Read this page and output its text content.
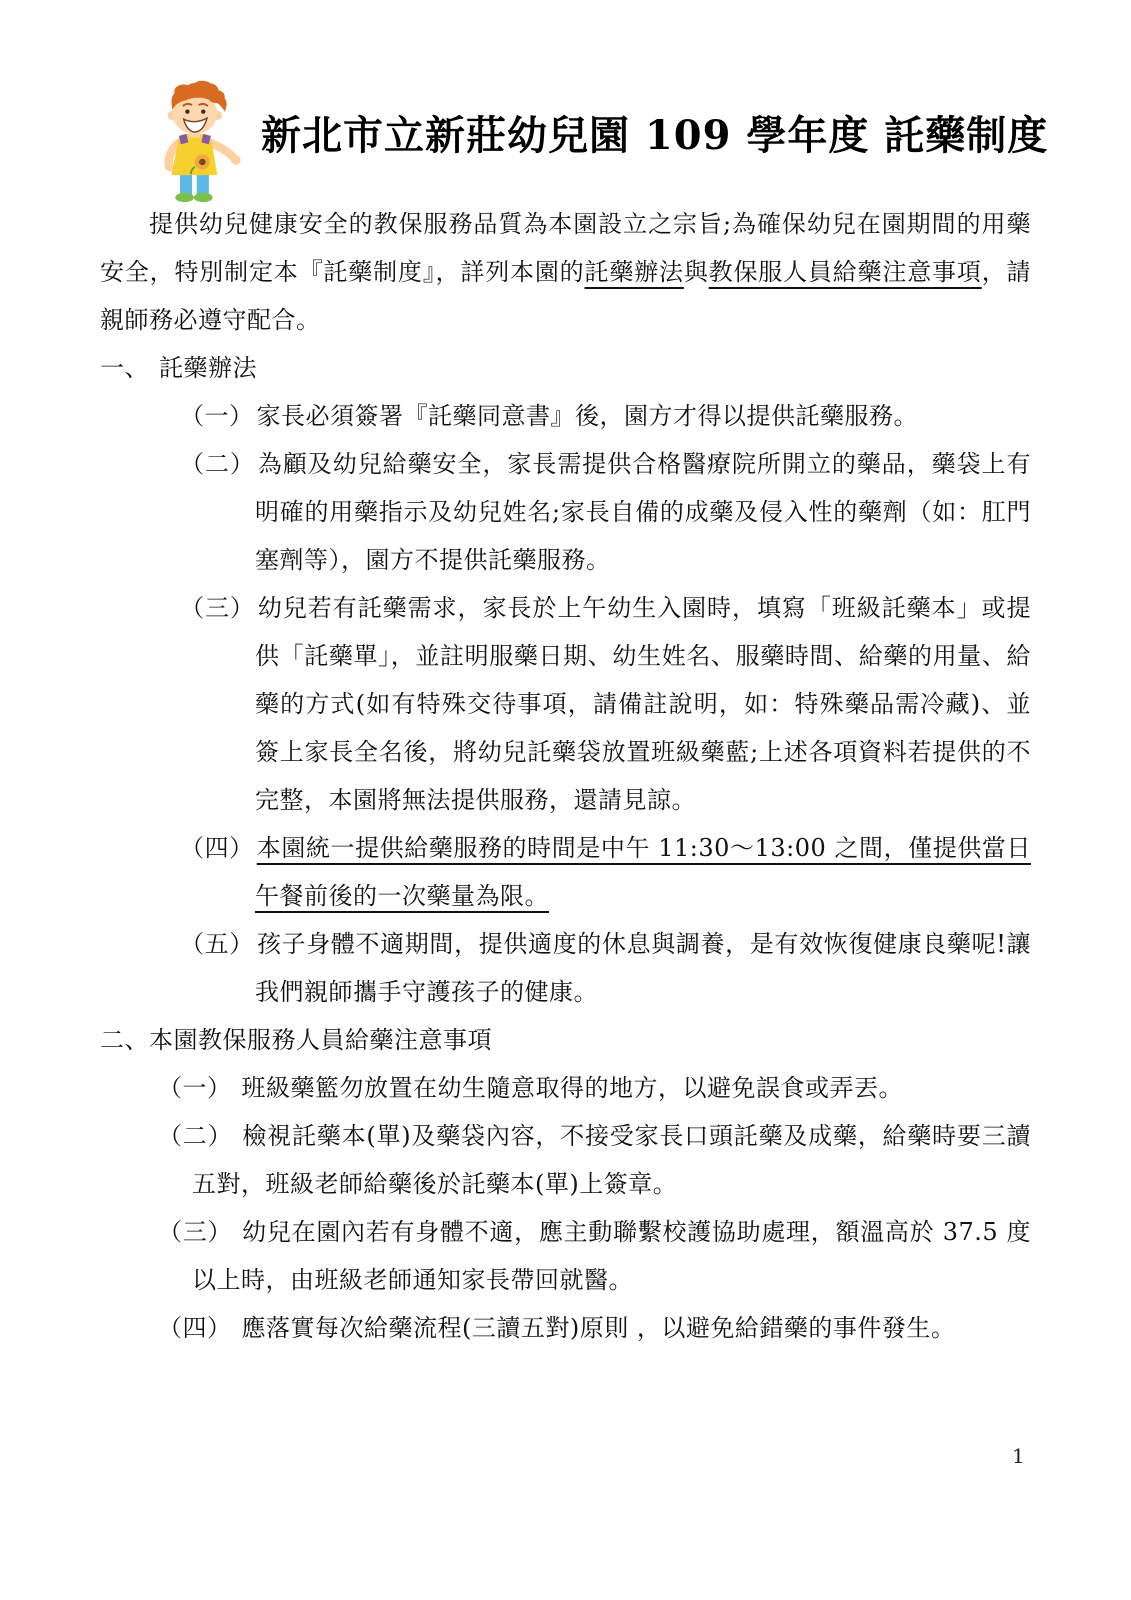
新北市立新莊幼兒園 109 學年度 託藥制度

提供幼兒健康安全的教保服務品質為本園設立之宗旨;為確保幼兒在園期間的用藥安全，特別制定本『託藥制度』，詳列本園的託藥辦法與教保服人員給藥注意事項，請親師務必遵守配合。

一、 託藥辦法

（一） 家長必須簽署『託藥同意書』後，園方才得以提供託藥服務。

（二） 為顧及幼兒給藥安全，家長需提供合格醫療院所開立的藥品，藥袋上有明確的用藥指示及幼兒姓名;家長自備的成藥及侵入性的藥劑（如：肛門塞劑等），園方不提供託藥服務。

（三） 幼兒若有託藥需求，家長於上午幼生入園時，填寫「班級託藥本」或提供「託藥單」，並註明服藥日期、幼生姓名、服藥時間、給藥的用量、給藥的方式(如有特殊交待事項，請備註說明，如：特殊藥品需冷藏)、並簽上家長全名後，將幼兒託藥袋放置班級藥藍;上述各項資料若提供的不完整，本園將無法提供服務，還請見諒。

（四） 本園統一提供給藥服務的時間是中午 11:30～13:00 之間，僅提供當日午餐前後的一次藥量為限。

（五） 孩子身體不適期間，提供適度的休息與調養，是有效恢復健康良藥呢!讓我們親師攜手守護孩子的健康。

二、本園教保服務人員給藥注意事項

（一） 班級藥籃勿放置在幼生隨意取得的地方，以避免誤食或弄丟。

（二） 檢視託藥本(單)及藥袋內容，不接受家長口頭託藥及成藥，給藥時要三讀五對，班級老師給藥後於託藥本(單)上簽章。

（三） 幼兒在園內若有身體不適，應主動聯繫校護協助處理，額溫高於 37.5 度以上時，由班級老師通知家長帶回就醫。

（四） 應落實每次給藥流程(三讀五對)原則 ，以避免給錯藥的事件發生。

1
